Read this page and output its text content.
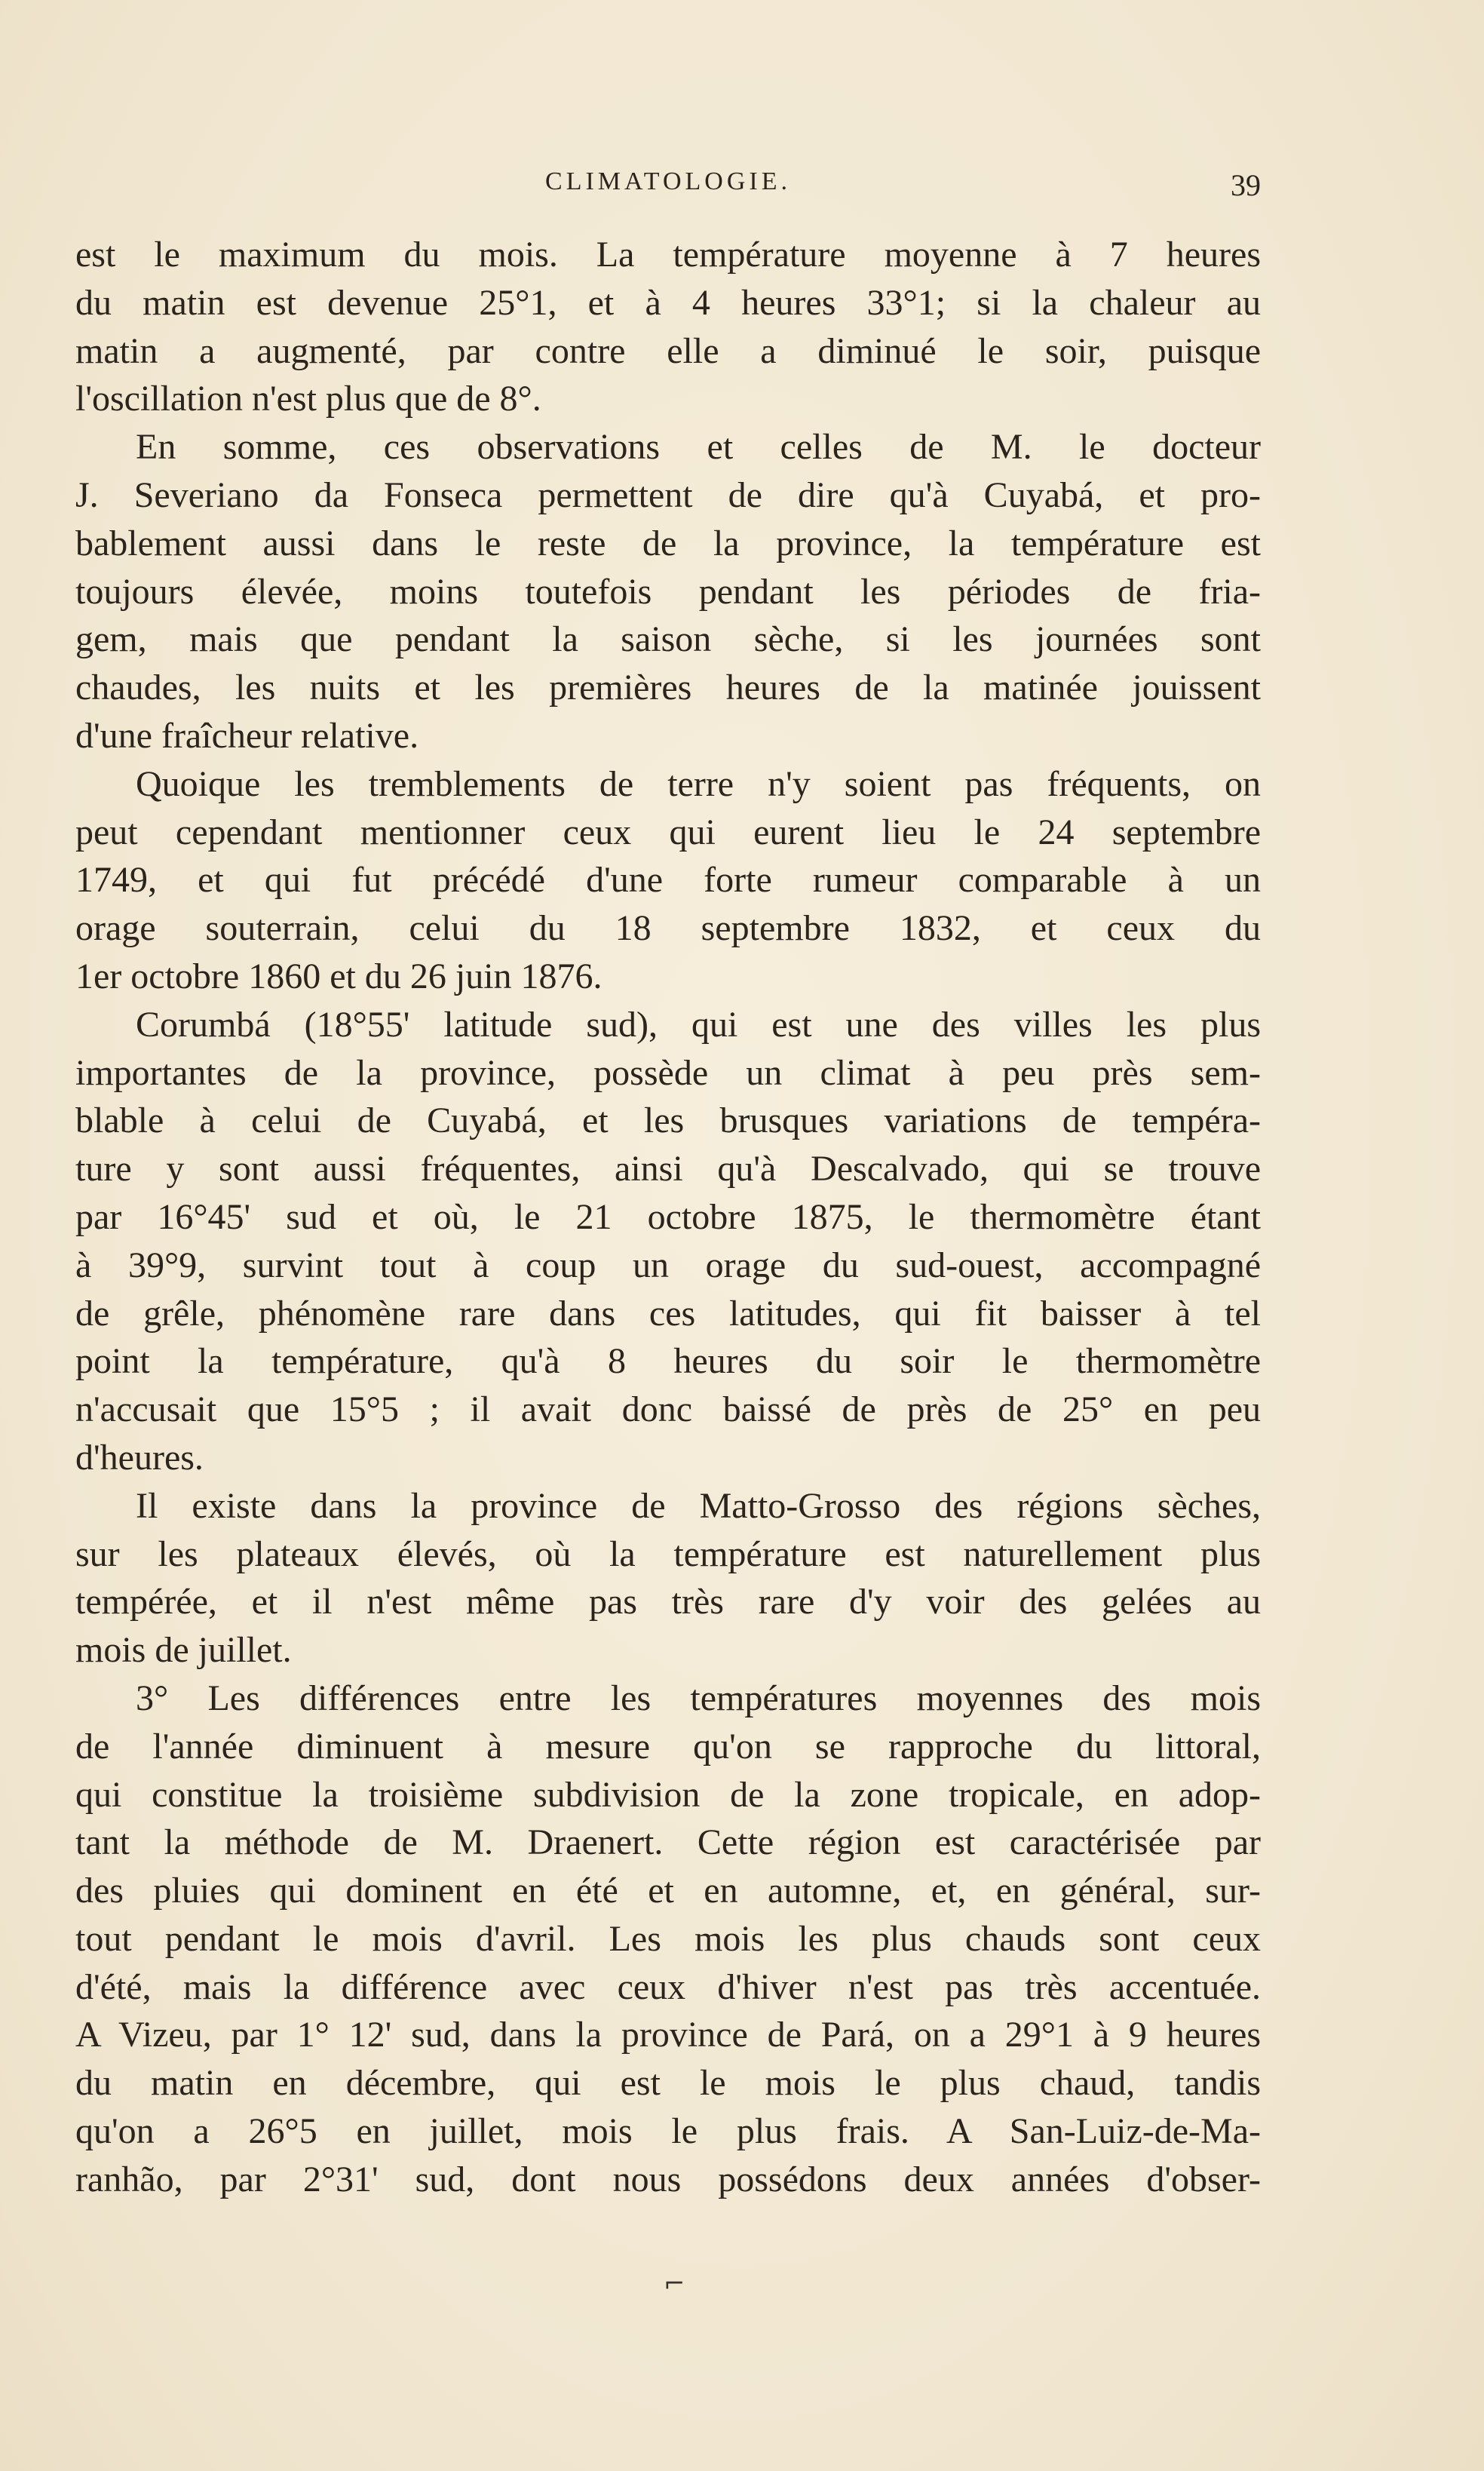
CLIMATOLOGIE.	39
est le maximum du mois. La température moyenne à 7 heures
du matin est devenue 25°1, et à 4 heures 33°1; si la chaleur au
matin a augmenté, par contre elle a diminué le soir, puisque
l'oscillation n'est plus que de 8°.
En somme, ces observations et celles de M. le docteur
J. Severiano da Fonseca permettent de dire qu'à Cuyabá, et pro-
bablement aussi dans le reste de la province, la température est
toujours élevée, moins toutefois pendant les périodes de fria-
gem, mais que pendant la saison sèche, si les journées sont
chaudes, les nuits et les premières heures de la matinée jouissent
d'une fraîcheur relative.
Quoique les tremblements de terre n'y soient pas fréquents, on
peut cependant mentionner ceux qui eurent lieu le 24 septembre
1749, et qui fut précédé d'une forte rumeur comparable à un
orage souterrain, celui du 18 septembre 1832, et ceux du
1er octobre 1860 et du 26 juin 1876.
Corumbá (18°55' latitude sud), qui est une des villes les plus
importantes de la province, possède un climat à peu près sem-
blable à celui de Cuyabá, et les brusques variations de tempéra-
ture y sont aussi fréquentes, ainsi qu'à Descalvado, qui se trouve
par 16°45' sud et où, le 21 octobre 1875, le thermomètre étant
à 39°9, survint tout à coup un orage du sud-ouest, accompagné
de grêle, phénomène rare dans ces latitudes, qui fit baisser à tel
point la température, qu'à 8 heures du soir le thermomètre
n'accusait que 15°5 ; il avait donc baissé de près de 25° en peu
d'heures.
Il existe dans la province de Matto-Grosso des régions sèches,
sur les plateaux élevés, où la température est naturellement plus
tempérée, et il n'est même pas très rare d'y voir des gelées au
mois de juillet.
3° Les différences entre les températures moyennes des mois
de l'année diminuent à mesure qu'on se rapproche du littoral,
qui constitue la troisième subdivision de la zone tropicale, en adop-
tant la méthode de M. Draenert. Cette région est caractérisée par
des pluies qui dominent en été et en automne, et, en général, sur-
tout pendant le mois d'avril. Les mois les plus chauds sont ceux
d'été, mais la différence avec ceux d'hiver n'est pas très accentuée.
A Vizeu, par 1° 12' sud, dans la province de Pará, on a 29°1 à 9 heures
du matin en décembre, qui est le mois le plus chaud, tandis
qu'on a 26°5 en juillet, mois le plus frais. A San-Luiz-de-Ma-
ranhão, par 2°31' sud, dont nous possédons deux années d'obser-
⌐
